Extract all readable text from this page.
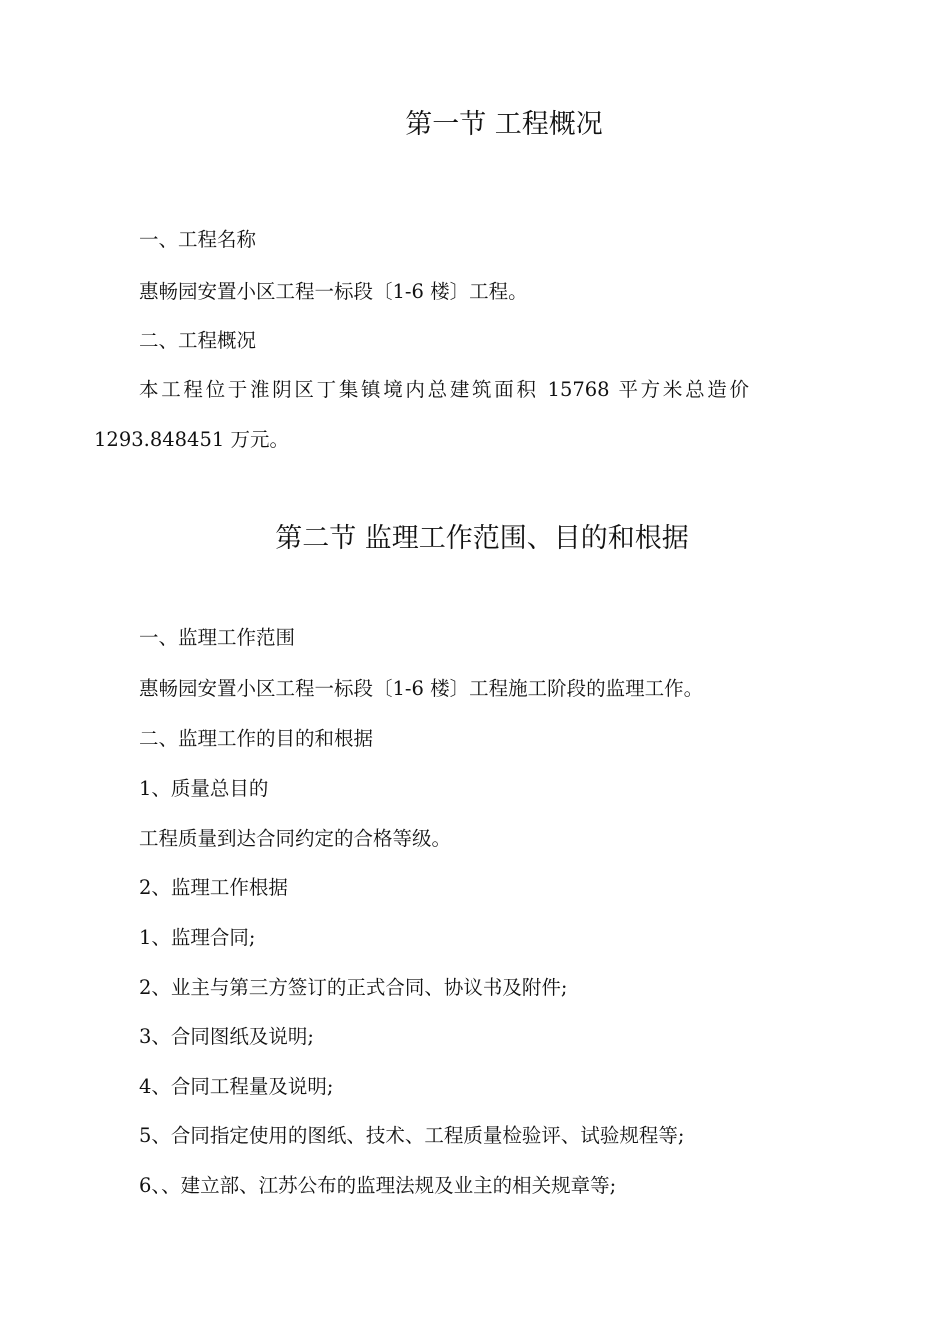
第一节 工程概况
一、工程名称
惠畅园安置小区工程一标段〔1-6 楼〕工程。
二、工程概况
本工程位于淮阴区丁集镇境内总建筑面积 15768 平方米总造价
1293.848451 万元。
第二节 监理工作范围、目的和根据
一、监理工作范围
惠畅园安置小区工程一标段〔1-6 楼〕工程施工阶段的监理工作。
二、监理工作的目的和根据
1、质量总目的
工程质量到达合同约定的合格等级。
2、监理工作根据
1、监理合同;
2、业主与第三方签订的正式合同、协议书及附件;
3、合同图纸及说明;
4、合同工程量及说明;
5、合同指定使用的图纸、技术、工程质量检验评、试验规程等;
6、、建立部、江苏公布的监理法规及业主的相关规章等;
